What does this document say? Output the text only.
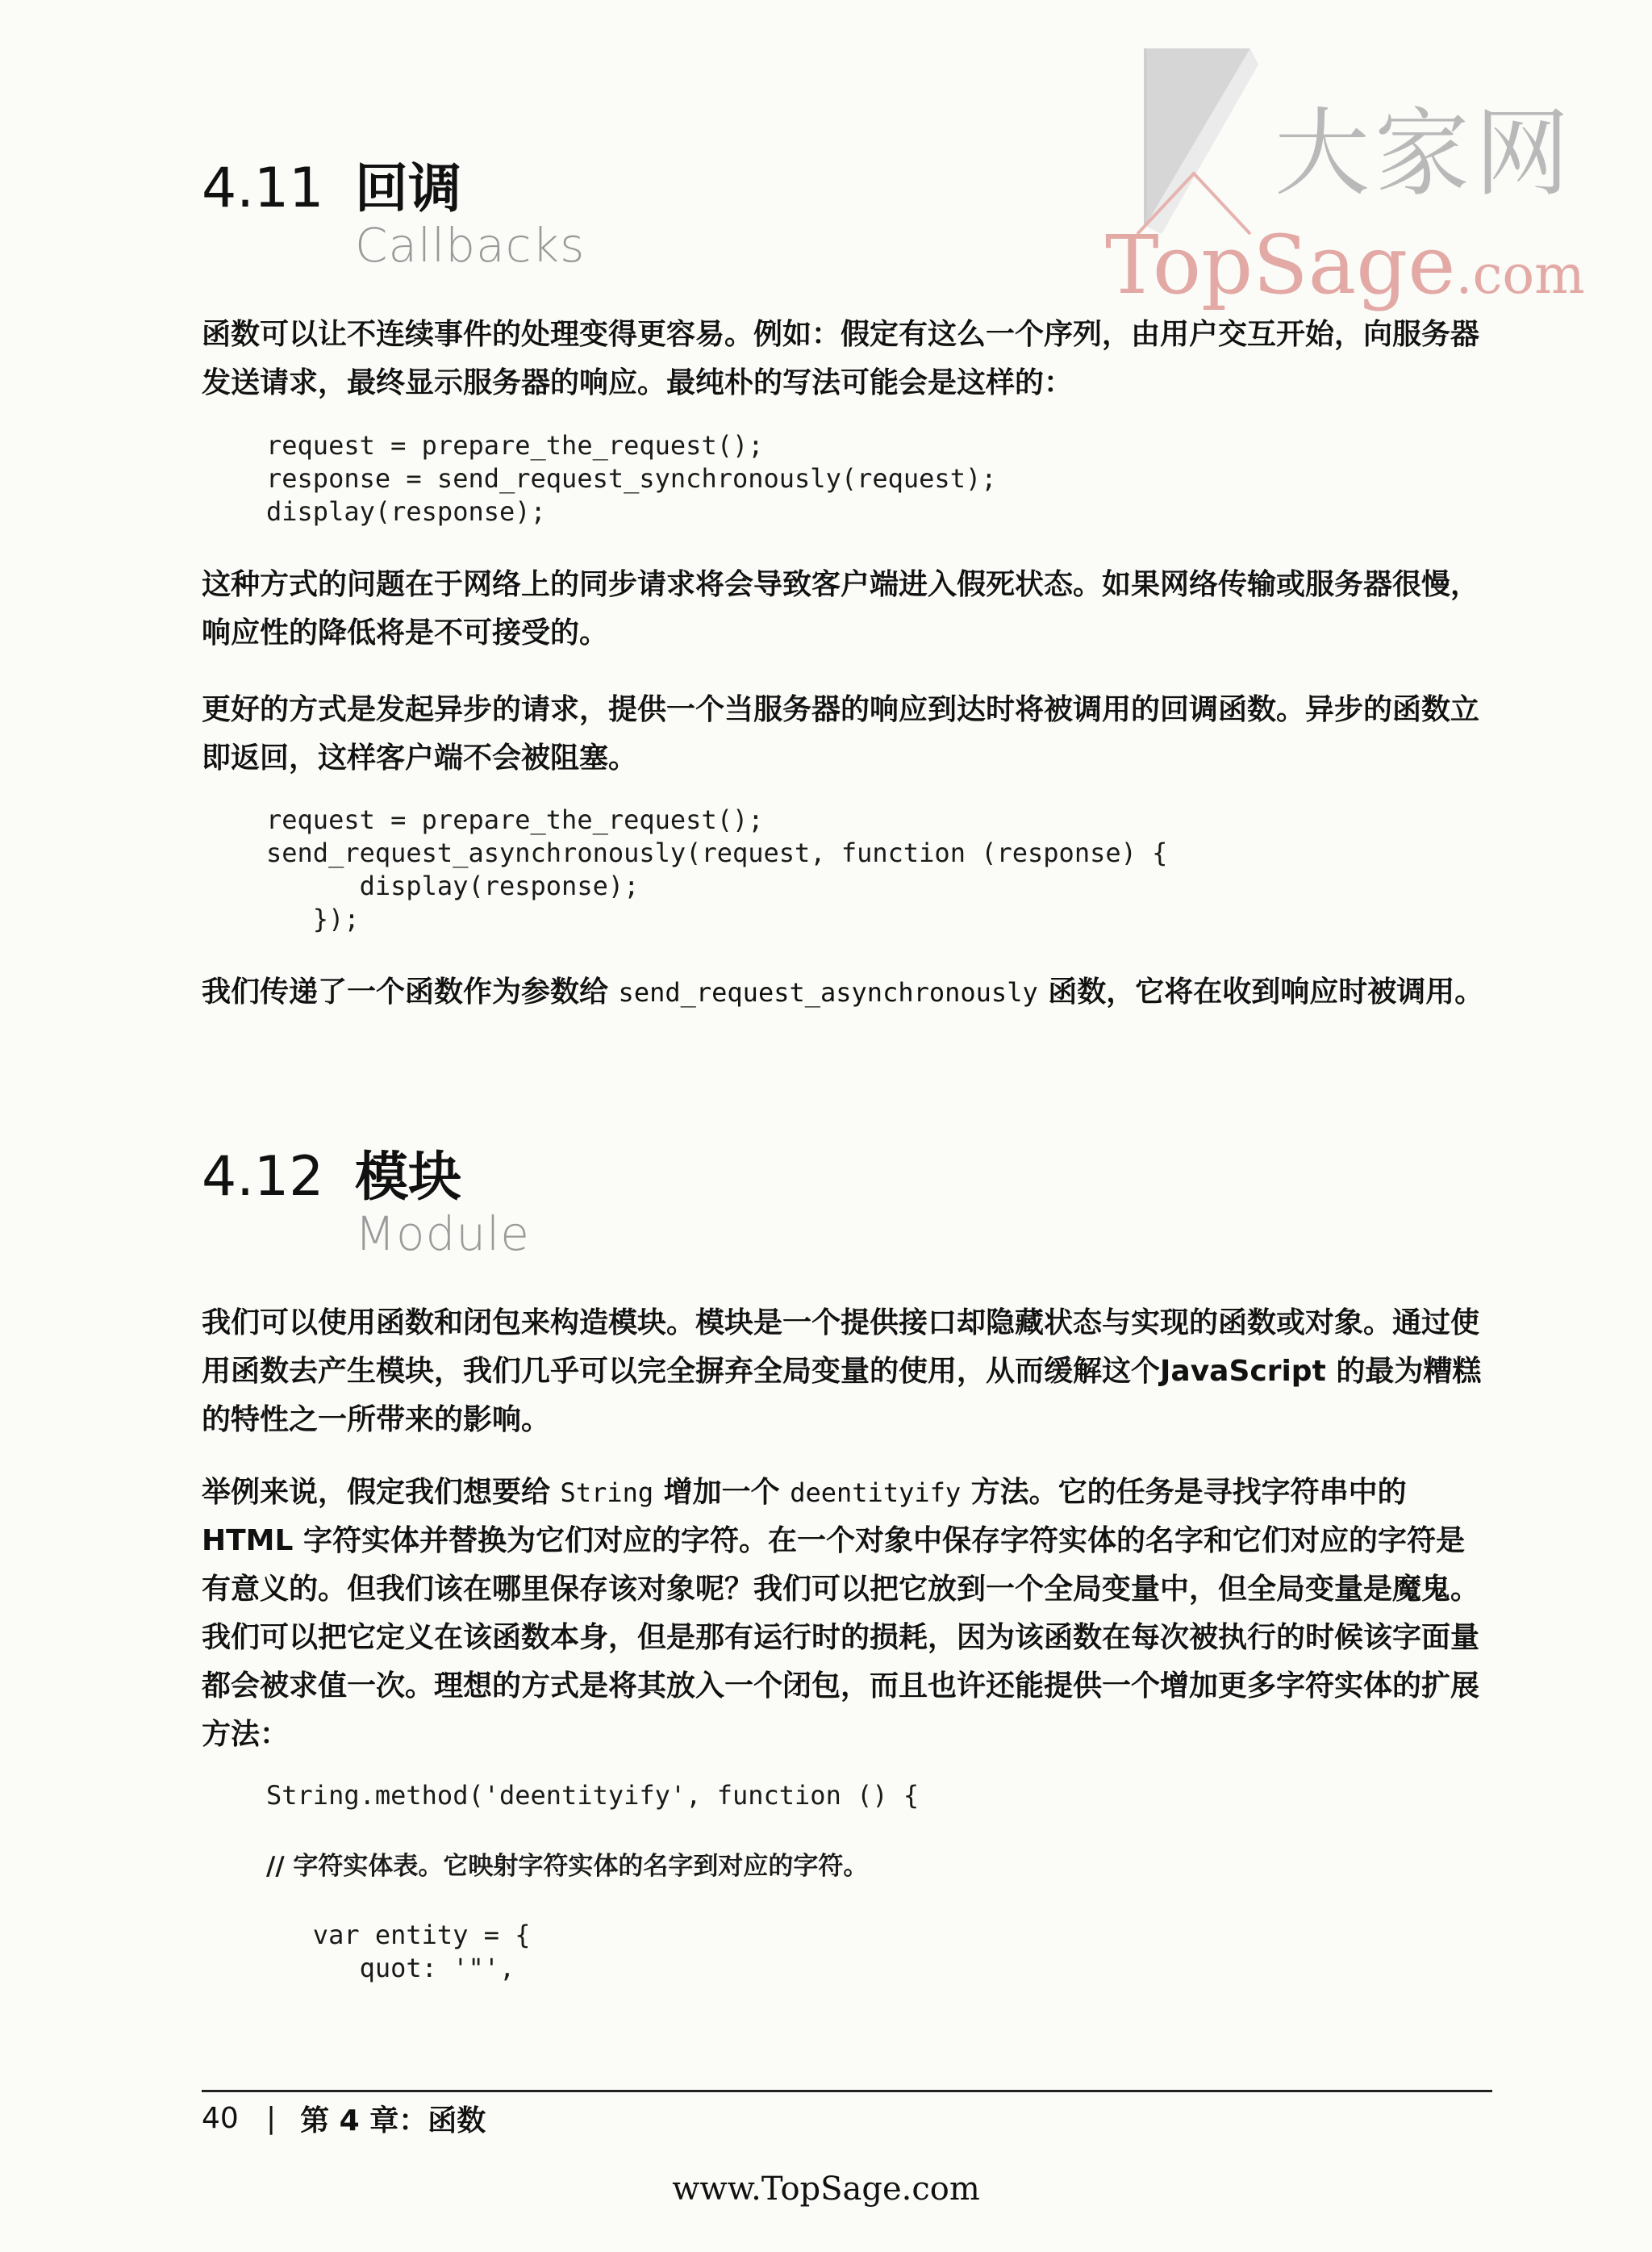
大家网
TopSage.com
4.11 回调
Callbacks

函数可以让不连续事件的处理变得更容易。例如：假定有这么一个序列，由用户交互开始，向服务器发送请求，最终显示服务器的响应。最纯朴的写法可能会是这样的：

request = prepare_the_request();
response = send_request_synchronously(request);
display(response);

这种方式的问题在于网络上的同步请求将会导致客户端进入假死状态。如果网络传输或服务器很慢，响应性的降低将是不可接受的。

更好的方式是发起异步的请求，提供一个当服务器的响应到达时将被调用的回调函数。异步的函数立即返回，这样客户端不会被阻塞。

request = prepare_the_request();
send_request_asynchronously(request, function (response) {
display(response);
});

我们传递了一个函数作为参数给 send_request_asynchronously 函数，它将在收到响应时被调用。

4.12 模块
Module

我们可以使用函数和闭包来构造模块。模块是一个提供接口却隐藏状态与实现的函数或对象。通过使用函数去产生模块，我们几乎可以完全摒弃全局变量的使用，从而缓解这个JavaScript 的最为糟糕的特性之一所带来的影响。

举例来说，假定我们想要给 String 增加一个 deentityify 方法。它的任务是寻找字符串中的 HTML 字符实体并替换为它们对应的字符。在一个对象中保存字符实体的名字和它们对应的字符是有意义的。但我们该在哪里保存该对象呢？我们可以把它放到一个全局变量中，但全局变量是魔鬼。我们可以把它定义在该函数本身，但是那有运行时的损耗，因为该函数在每次被执行的时候该字面量都会被求值一次。理想的方式是将其放入一个闭包，而且也许还能提供一个增加更多字符实体的扩展方法：

String.method('deentityify', function () {
// 字符实体表。它映射字符实体的名字到对应的字符。
var entity = {
quot: '"',
40 | 第 4 章：函数
www.TopSage.com
